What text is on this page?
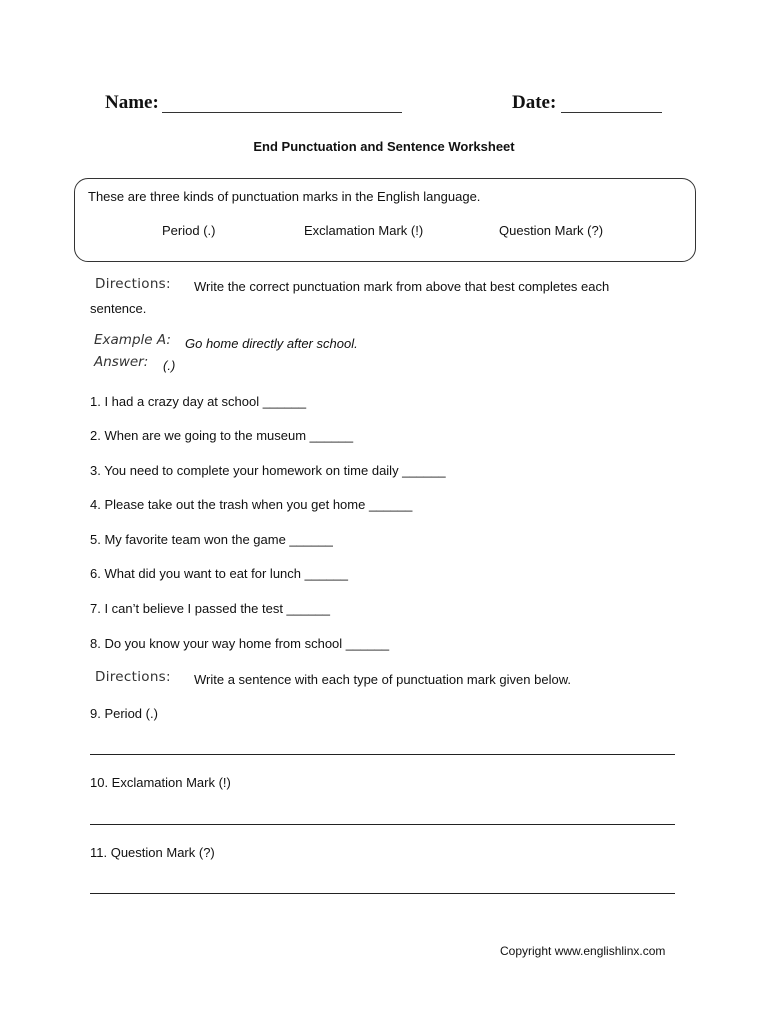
Name:	Date:
End Punctuation and Sentence Worksheet
These are three kinds of punctuation marks in the English language.
Period (.)	Exclamation Mark (!)	Question Mark (?)
Directions: Write the correct punctuation mark from above that best completes each
sentence.
Example A: Go home directly after school.
Answer: (.)
1. I had a crazy day at school ______
2. When are we going to the museum ______
3. You need to complete your homework on time daily ______
4. Please take out the trash when you get home ______
5. My favorite team won the game ______
6. What did you want to eat for lunch ______
7. I can’t believe I passed the test ______
8. Do you know your way home from school ______
Directions: Write a sentence with each type of punctuation mark given below.
9. Period (.)
10. Exclamation Mark (!)
11. Question Mark (?)
Copyright www.englishlinx.com
